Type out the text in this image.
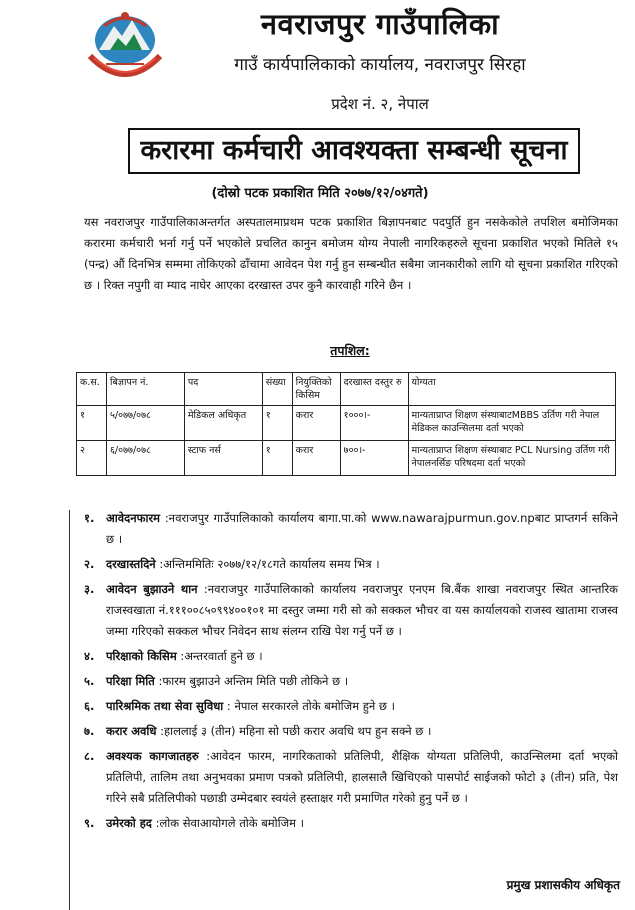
नवराजपुर गाउँपालिका
गाउँ कार्यपालिकाको कार्यालय, नवराजपुर सिरहा
प्रदेश नं. २, नेपाल
करारमा कर्मचारी आवश्यक्ता सम्बन्धी सूचना
(दोस्रो पटक प्रकाशित मिति २०७७/१२/०४गते)
यस नवराजपुर गाउँपालिकाअन्तर्गत अस्पतालमाप्रथम पटक प्रकाशित बिज्ञापनबाट पदपुर्ति हुन नसकेकोले तपशिल बमोजिमका करारमा कर्मचारी भर्ना गर्नु पर्ने भएकोले प्रचलित कानुन बमोजम योग्य नेपाली नागरिकहरुले सूचना प्रकाशित भएको मितिले १५ (पन्द्र) औं दिनभित्र सम्ममा तोकिएको ढाँचामा आवेदन पेश गर्नु हुन सम्बन्धीत सबैमा जानकारीको लागि यो सूचना प्रकाशित गरिएको छ । रिक्त नपुगी वा म्याद नाघेर आएका दरखास्त उपर कुनै कारवाही गरिने छैन ।
तपशिल:
क.स.	बिज्ञापन नं.	पद	संख्या	नियुक्तिको किसिम	दरखास्त दस्तुर रु	योग्यता
१	५/०७७/०७८	मेडिकल अधिकृत	१	करार	१०००।-	मान्यताप्राप्त शिक्षण संस्थाबाटMBBS उर्तिण गरी नेपाल मेडिकल काउन्सिलमा दर्ता भएको
२	६/०७७/०७८	स्टाफ नर्स	१	करार	७००।-	मान्यताप्राप्त शिक्षण संस्थाबाट PCL Nursing उर्तिण गरी नेपालनर्सिङ परिषदमा दर्ता भएको
१. आवेदनफारम :नवराजपुर गाउँपालिकाको कार्यालय बागा.पा.को www.nawarajpurmun.gov.npबाट प्राप्तगर्न सकिने छ ।
२. दरखास्तदिने :अन्तिममितिः २०७७/१२/१८गते कार्यालय समय भित्र ।
३. आवेदन बुझाउने थान :नवराजपुर गाउँपालिकाको कार्यालय नवराजपुर एनएम बि.बैंक शाखा नवराजपुर स्थित आन्तरिक राजस्वखाता नं.१११००८५०९९४००१०१ मा दस्तुर जम्मा गरी सो को सक्कल भौचर वा यस कार्यालयको राजस्व खातामा राजस्व जम्मा गरिएको सक्कल भौचर निवेदन साथ संलग्न राखि पेश गर्नु पर्ने छ ।
४. परिक्षाको किसिम :अन्तरवार्ता हुने छ ।
५. परिक्षा मिति :फारम बुझाउने अन्तिम मिति पछी तोकिने छ ।
६. पारिश्रमिक तथा सेवा सुविधा : नेपाल सरकारले तोके बमोजिम हुने छ ।
७. करार अवधि :हाललाई ३ (तीन) महिना सो पछी करार अवधि थप हुन सक्ने छ ।
८. अवश्यक कागजातहरु :आवेदन फारम, नागरिकताको प्रतिलिपी, शैक्षिक योग्यता प्रतिलिपी, काउन्सिलमा दर्ता भएको प्रतिलिपी, तालिम तथा अनुभवका प्रमाण पत्रको प्रतिलिपी, हालसालै खिचिएको पासपोर्ट साईजको फोटो ३ (तीन) प्रति, पेश गरिने सबै प्रतिलिपीको पछाडी उम्मेदबार स्वयंले हस्ताक्षर गरी प्रमाणित गरेको हुनु पर्ने छ ।
९. उमेरको हद :लोक सेवाआयोगले तोके बमोजिम ।
प्रमुख प्रशासकीय अधिकृत
